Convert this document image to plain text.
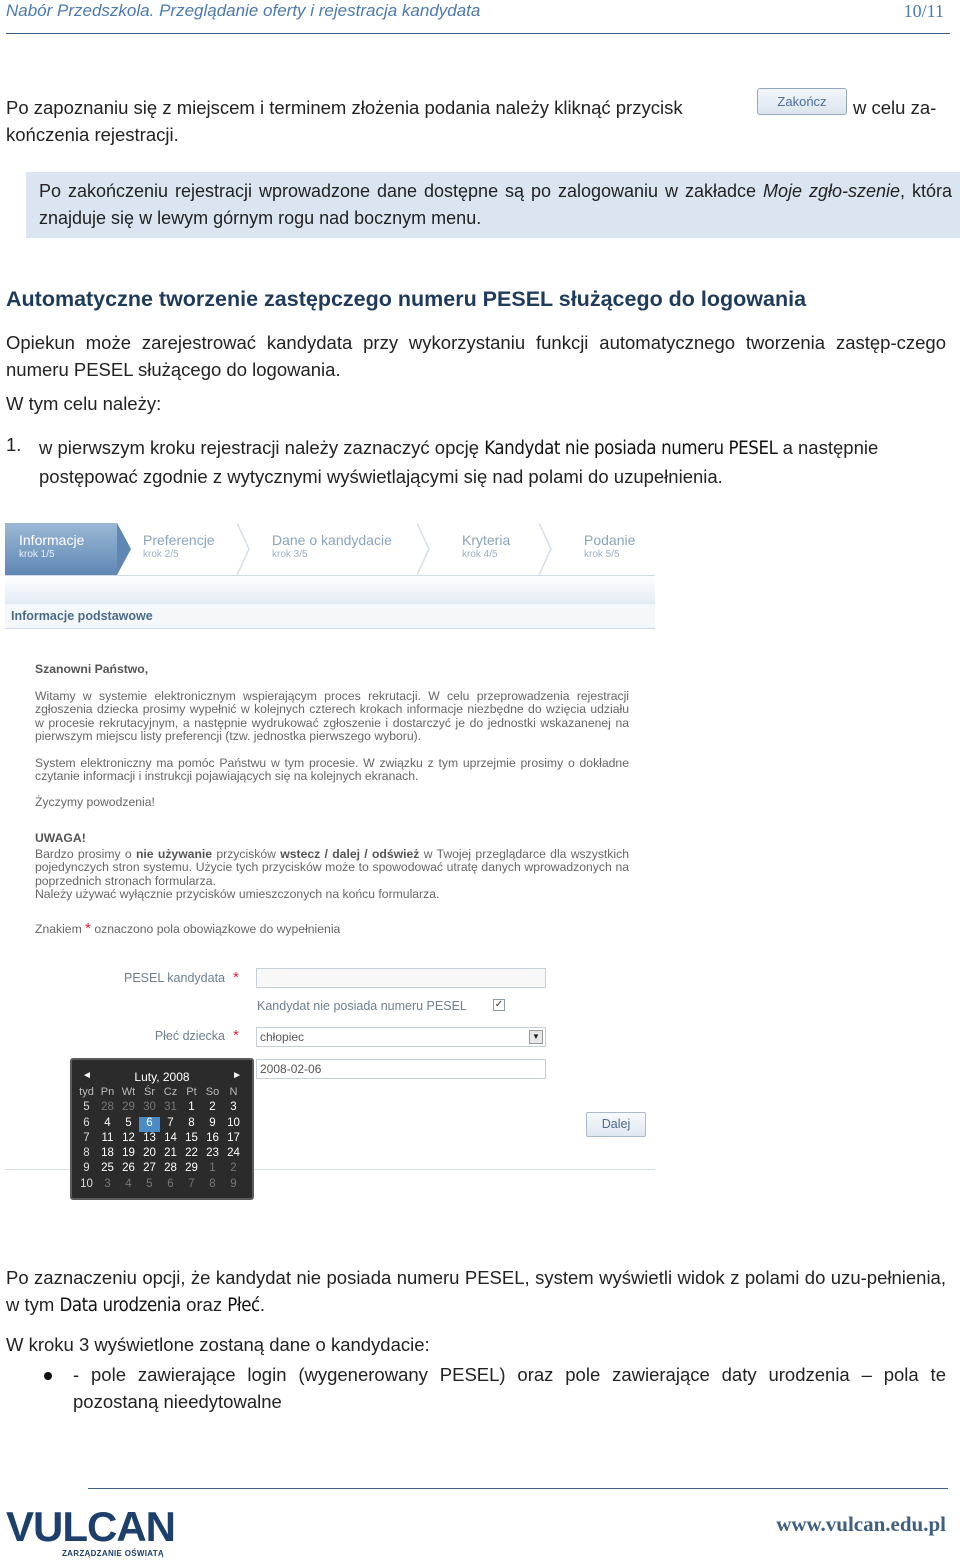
Nabór Przedszkola. Przeglądanie oferty i rejestracja kandydata	10/11
Po zapoznaniu się z miejscem i terminem złożenia podania należy kliknąć przycisk	Zakończ	w celu za-
kończenia rejestracji.
Po zakończeniu rejestracji wprowadzone dane dostępne są po zalogowaniu w zakładce Moje zgło-szenie, która znajduje się w lewym górnym rogu nad bocznym menu.
Automatyczne tworzenie zastępczego numeru PESEL służącego do logowania
Opiekun może zarejestrować kandydata przy wykorzystaniu funkcji automatycznego tworzenia zastęp-czego numeru PESEL służącego do logowania.
W tym celu należy:
1. w pierwszym kroku rejestracji należy zaznaczyć opcję Kandydat nie posiada numeru PESEL a następnie postępować zgodnie z wytycznymi wyświetlającymi się nad polami do uzupełnienia.
Informacje
krok 1/5
Preferencje
krok 2/5
Dane o kandydacie
krok 3/5
Kryteria
krok 4/5
Podanie
krok 5/5
Informacje podstawowe
Szanowni Państwo,
Witamy w systemie elektronicznym wspierającym proces rekrutacji. W celu przeprowadzenia rejestracji zgłoszenia dziecka prosimy wypełnić w kolejnych czterech krokach informacje niezbędne do wzięcia udziału w procesie rekrutacyjnym, a następnie wydrukować zgłoszenie i dostarczyć je do jednostki wskazanenej na pierwszym miejscu listy preferencji (tzw. jednostka pierwszego wyboru).
System elektroniczny ma pomóc Państwu w tym procesie. W związku z tym uprzejmie prosimy o dokładne czytanie informacji i instrukcji pojawiających się na kolejnych ekranach.
Życzymy powodzenia!
UWAGA!
Bardzo prosimy o nie używanie przycisków wstecz / dalej / odśwież w Twojej przeglądarce dla wszystkich pojedynczych stron systemu. Użycie tych przycisków może to spowodować utratę danych wprowadzonych na poprzednich stronach formularza.
Należy używać wyłącznie przycisków umieszczonych na końcu formularza.
Znakiem * oznaczono pola obowiązkowe do wypełnienia
PESEL kandydata *
Kandydat nie posiada numeru PESEL	✓
Płeć dziecka *	chłopiec	▼
2008-02-06
Dalej
◄	Luty, 2008	►
tyd Pn Wt Śr Cz Pt So N
5 28 29 30 31 1	2	3
6	4	5	6	7	8	9 10
7	11 12 13 14 15 16 17
8 18 19 20 21 22 23 24
9 25 26 27 28 29 1	2
10 3	4	5	6	7	8	9
Po zaznaczeniu opcji, że kandydat nie posiada numeru PESEL, system wyświetli widok z polami do uzu-pełnienia, w tym Data urodzenia oraz Płeć.
W kroku 3 wyświetlone zostaną dane o kandydacie:
- pole zawierające login (wygenerowany PESEL) oraz pole zawierające daty urodzenia – pola te pozostaną nieedytowalne
VULCAN
ZARZĄDZANIE OŚWIATĄ
www.vulcan.edu.pl
